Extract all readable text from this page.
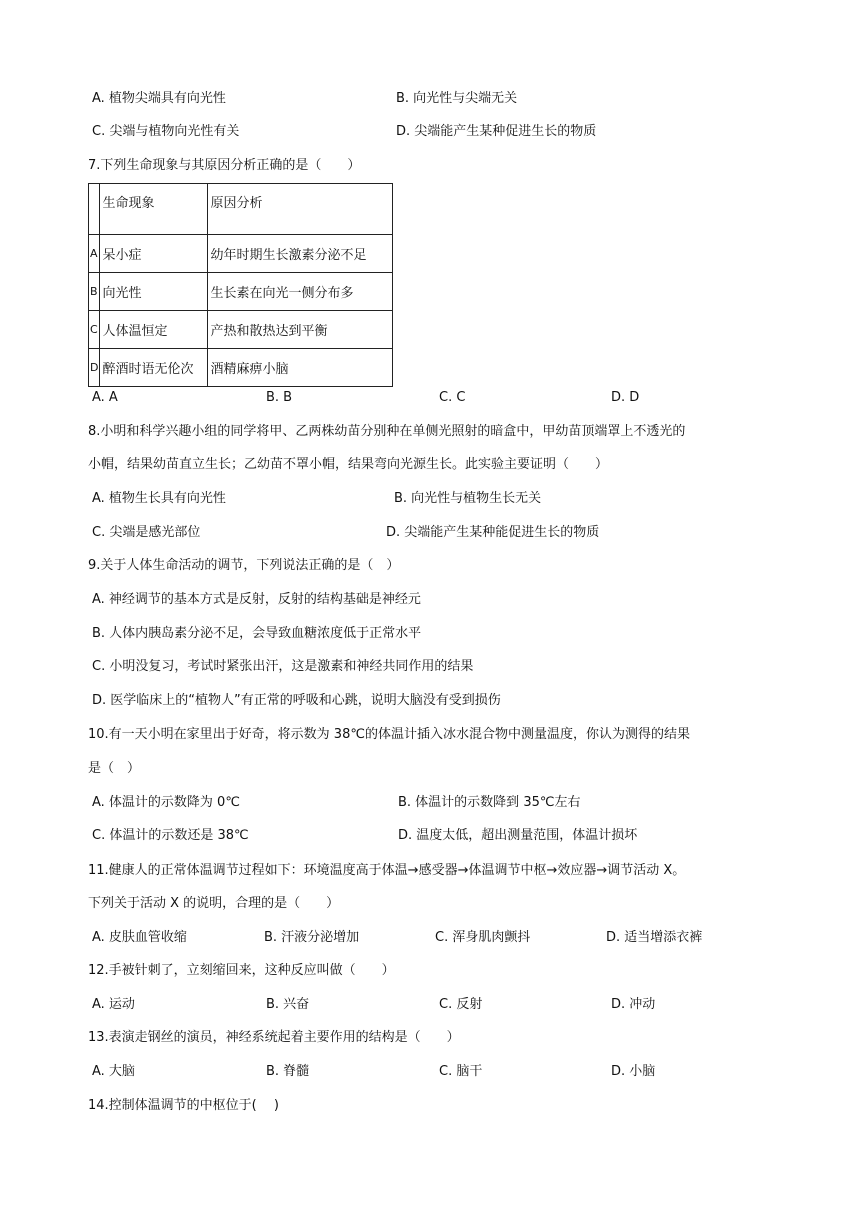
A. 植物尖端具有向光性	B. 向光性与尖端无关
C. 尖端与植物向光性有关	D. 尖端能产生某种促进生长的物质
7.下列生命现象与其原因分析正确的是（　　）
	生命现象	原因分析
A	呆小症	幼年时期生长激素分泌不足
B	向光性	生长素在向光一侧分布多
C	人体温恒定	产热和散热达到平衡
D	醉酒时语无伦次	酒精麻痹小脑
A. A	B. B	C. C	D. D
8.小明和科学兴趣小组的同学将甲、乙两株幼苗分别种在单侧光照射的暗盒中，甲幼苗顶端罩上不透光的
小帽，结果幼苗直立生长；乙幼苗不罩小帽，结果弯向光源生长。此实验主要证明（　　）
A. 植物生长具有向光性	B. 向光性与植物生长无关
C. 尖端是感光部位	D. 尖端能产生某种能促进生长的物质
9.关于人体生命活动的调节，下列说法正确的是（　）
A. 神经调节的基本方式是反射，反射的结构基础是神经元
B. 人体内胰岛素分泌不足，会导致血糖浓度低于正常水平
C. 小明没复习，考试时紧张出汗，这是激素和神经共同作用的结果
D. 医学临床上的“植物人”有正常的呼吸和心跳，说明大脑没有受到损伤
10.有一天小明在家里出于好奇，将示数为 38℃的体温计插入冰水混合物中测量温度，你认为测得的结果
是（　）
A. 体温计的示数降为 0℃	B. 体温计的示数降到 35℃左右
C. 体温计的示数还是 38℃	D. 温度太低，超出测量范围，体温计损坏
11.健康人的正常体温调节过程如下：环境温度高于体温→感受器→体温调节中枢→效应器→调节活动 X。
下列关于活动 X 的说明，合理的是（　　）
A. 皮肤血管收缩	B. 汗液分泌增加	C. 浑身肌肉颤抖	D. 适当增添衣裤
12.手被针刺了，立刻缩回来，这种反应叫做（　　）
A. 运动	B. 兴奋	C. 反射	D. 冲动
13.表演走钢丝的演员，神经系统起着主要作用的结构是（　　）
A. 大脑	B. 脊髓	C. 脑干	D. 小脑
14.控制体温调节的中枢位于(　 )
